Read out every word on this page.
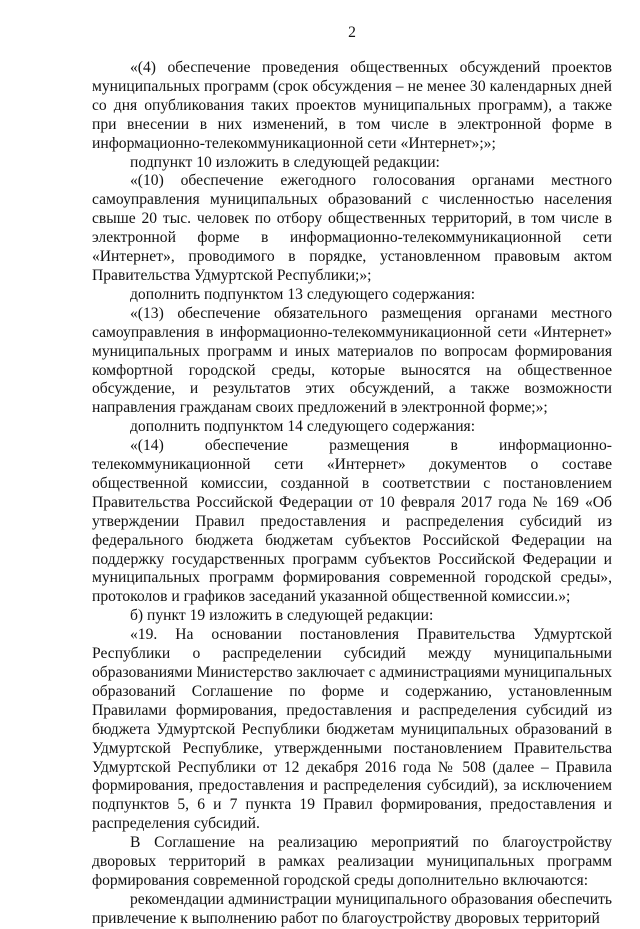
2

«(4) обеспечение проведения общественных обсуждений проектов муниципальных программ (срок обсуждения – не менее 30 календарных дней со дня опубликования таких проектов муниципальных программ), а также при внесении в них изменений, в том числе в электронной форме в информационно-телекоммуникационной сети «Интернет»;»;

подпункт 10 изложить в следующей редакции:

«(10) обеспечение ежегодного голосования органами местного самоуправления муниципальных образований с численностью населения свыше 20 тыс. человек по отбору общественных территорий, в том числе в электронной форме в информационно-телекоммуникационной сети «Интернет», проводимого в порядке, установленном правовым актом Правительства Удмуртской Республики;»;

дополнить подпунктом 13 следующего содержания:

«(13) обеспечение обязательного размещения органами местного самоуправления в информационно-телекоммуникационной сети «Интернет» муниципальных программ и иных материалов по вопросам формирования комфортной городской среды, которые выносятся на общественное обсуждение, и результатов этих обсуждений, а также возможности направления гражданам своих предложений в электронной форме;»;

дополнить подпунктом 14 следующего содержания:

«(14) обеспечение размещения в информационно-телекоммуникационной сети «Интернет» документов о составе общественной комиссии, созданной в соответствии с постановлением Правительства Российской Федерации от 10 февраля 2017 года № 169 «Об утверждении Правил предоставления и распределения субсидий из федерального бюджета бюджетам субъектов Российской Федерации на поддержку государственных программ субъектов Российской Федерации и муниципальных программ формирования современной городской среды», протоколов и графиков заседаний указанной общественной комиссии.»;

б) пункт 19 изложить в следующей редакции:

«19. На основании постановления Правительства Удмуртской Республики о распределении субсидий между муниципальными образованиями Министерство заключает с администрациями муниципальных образований Соглашение по форме и содержанию, установленным Правилами формирования, предоставления и распределения субсидий из бюджета Удмуртской Республики бюджетам муниципальных образований в Удмуртской Республике, утвержденными постановлением Правительства Удмуртской Республики от 12 декабря 2016 года № 508 (далее – Правила формирования, предоставления и распределения субсидий), за исключением подпунктов 5, 6 и 7 пункта 19 Правил формирования, предоставления и распределения субсидий.

В Соглашение на реализацию мероприятий по благоустройству дворовых территорий в рамках реализации муниципальных программ формирования современной городской среды дополнительно включаются:

рекомендации администрации муниципального образования обеспечить привлечение к выполнению работ по благоустройству дворовых территорий
